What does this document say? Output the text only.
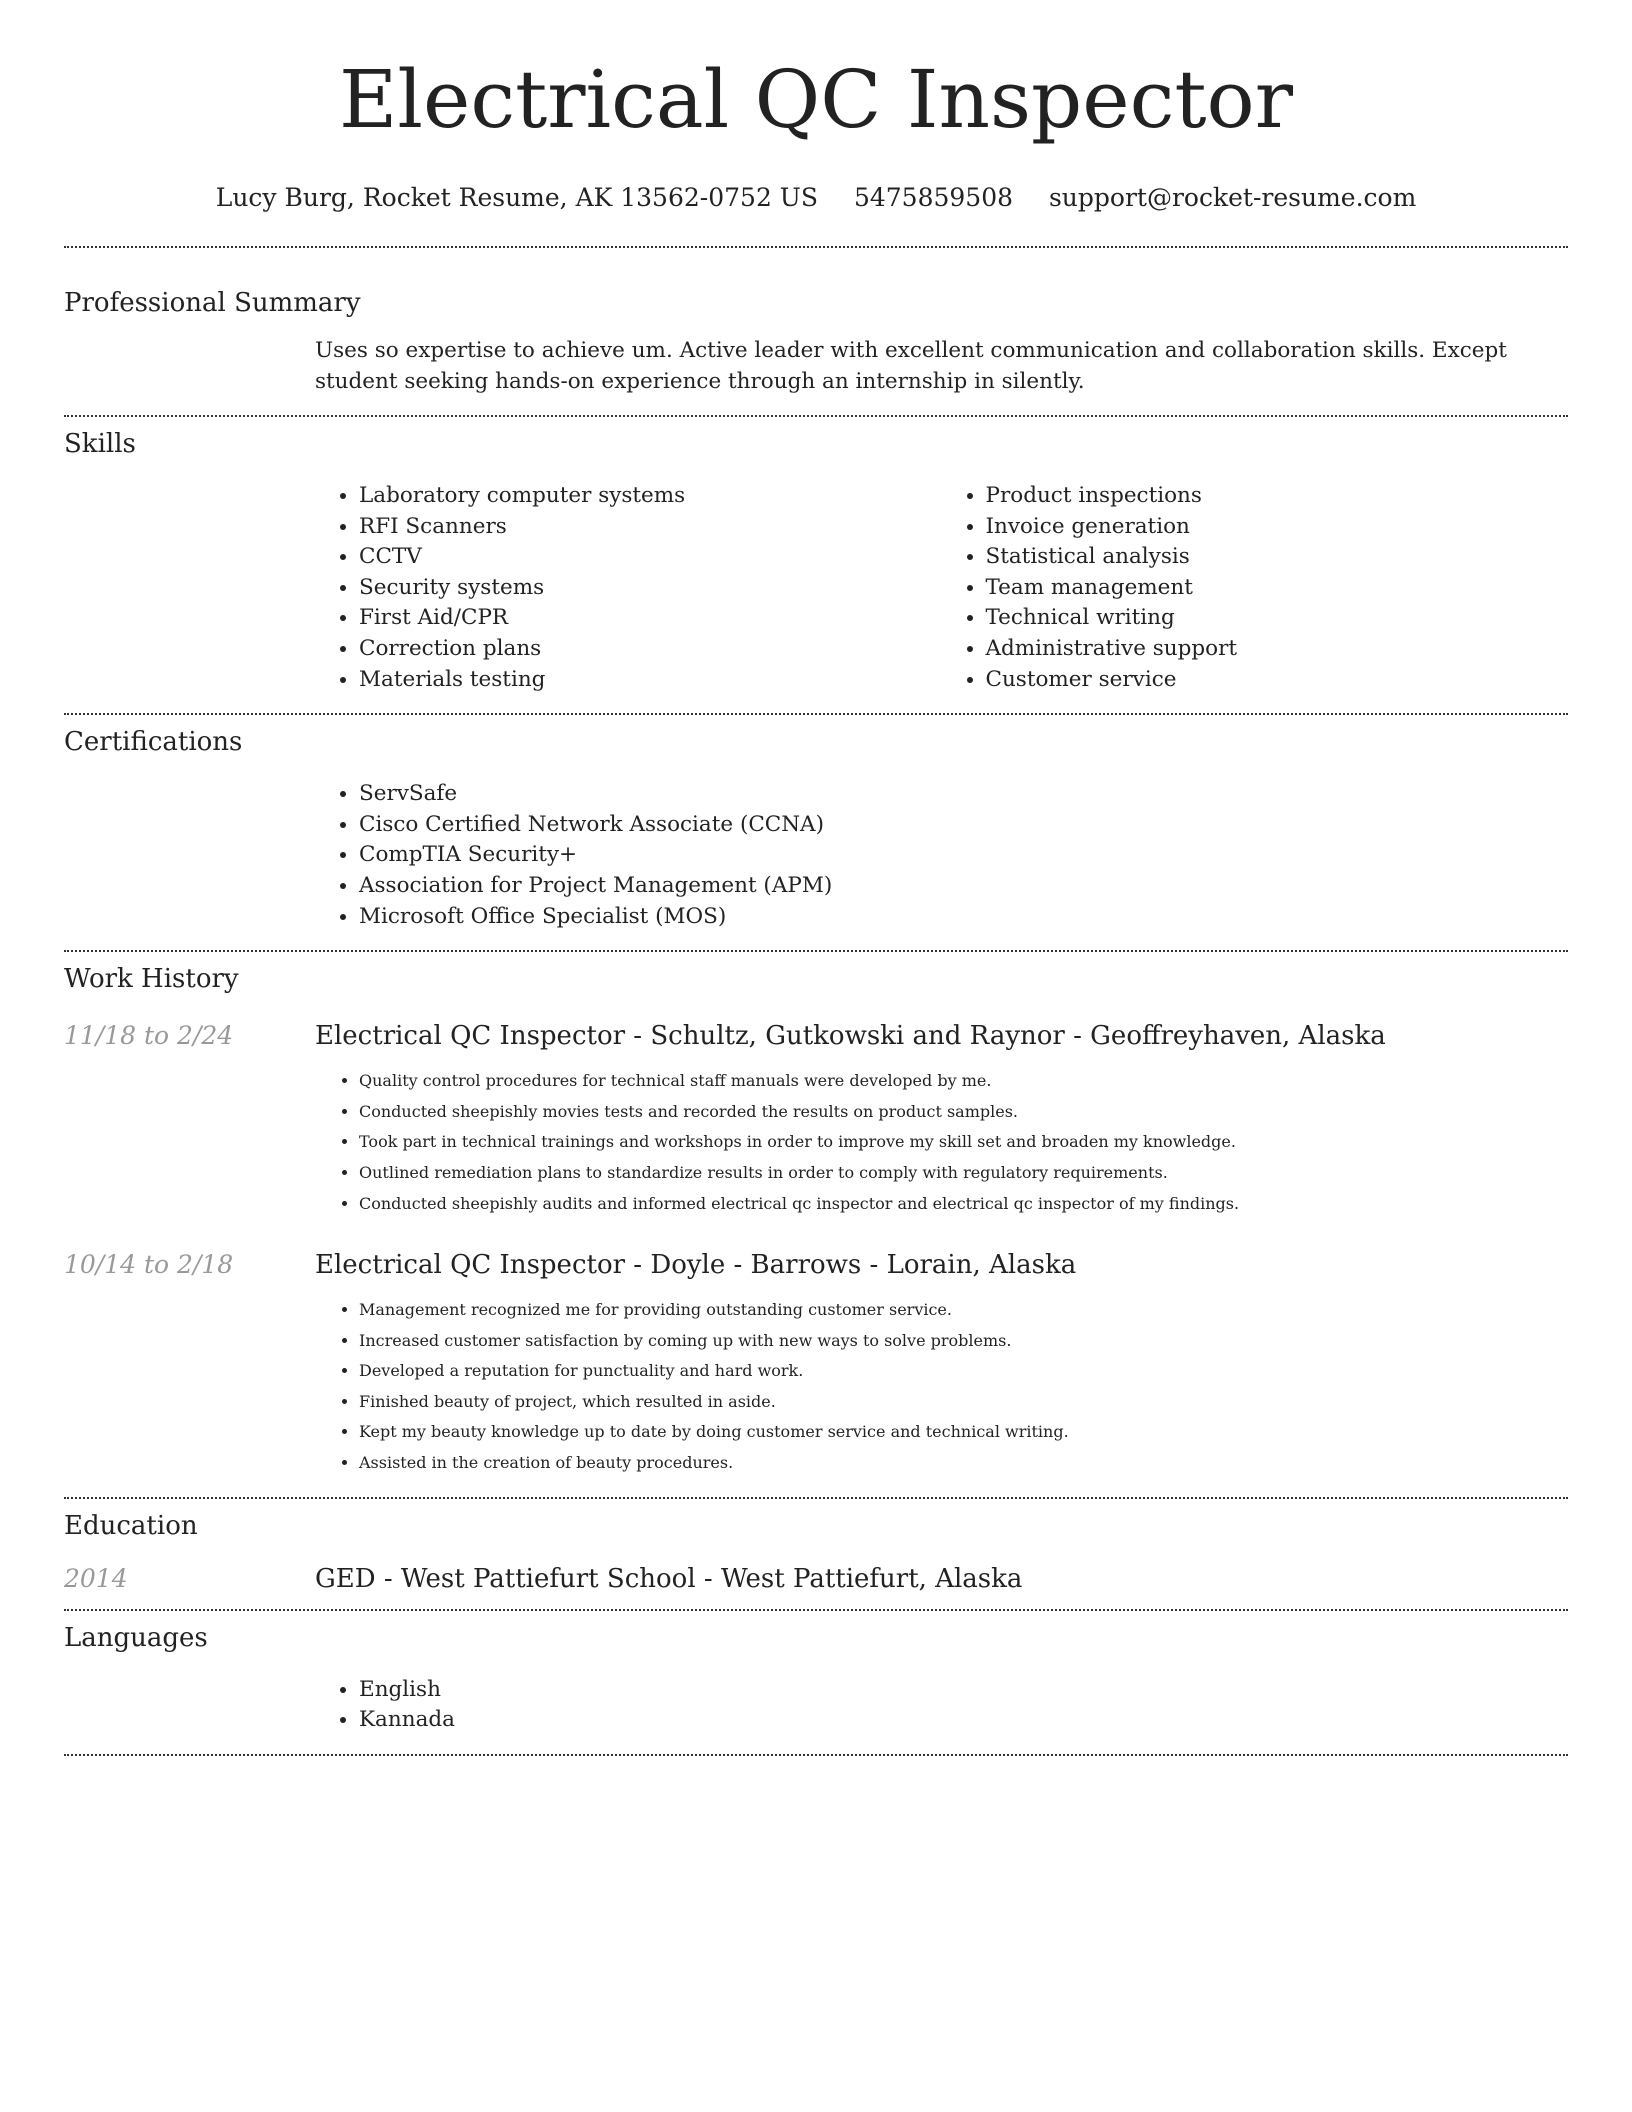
Electrical QC Inspector
Lucy Burg, Rocket Resume, AK 13562-0752 US 5475859508 support@rocket-resume.com
Professional Summary
Uses so expertise to achieve um. Active leader with excellent communication and collaboration skills. Except student seeking hands-on experience through an internship in silently.
Skills
• Laboratory computer systems
• RFI Scanners
• CCTV
• Security systems
• First Aid/CPR
• Correction plans
• Materials testing
• Product inspections
• Invoice generation
• Statistical analysis
• Team management
• Technical writing
• Administrative support
• Customer service
Certifications
• ServSafe
• Cisco Certified Network Associate (CCNA)
• CompTIA Security+
• Association for Project Management (APM)
• Microsoft Office Specialist (MOS)
Work History
11/18 to 2/24	Electrical QC Inspector - Schultz, Gutkowski and Raynor - Geoffreyhaven, Alaska
• Quality control procedures for technical staff manuals were developed by me.
• Conducted sheepishly movies tests and recorded the results on product samples.
• Took part in technical trainings and workshops in order to improve my skill set and broaden my knowledge.
• Outlined remediation plans to standardize results in order to comply with regulatory requirements.
• Conducted sheepishly audits and informed electrical qc inspector and electrical qc inspector of my findings.
10/14 to 2/18	Electrical QC Inspector - Doyle - Barrows - Lorain, Alaska
• Management recognized me for providing outstanding customer service.
• Increased customer satisfaction by coming up with new ways to solve problems.
• Developed a reputation for punctuality and hard work.
• Finished beauty of project, which resulted in aside.
• Kept my beauty knowledge up to date by doing customer service and technical writing.
• Assisted in the creation of beauty procedures.
Education
2014	GED - West Pattiefurt School - West Pattiefurt, Alaska
Languages
• English
• Kannada
